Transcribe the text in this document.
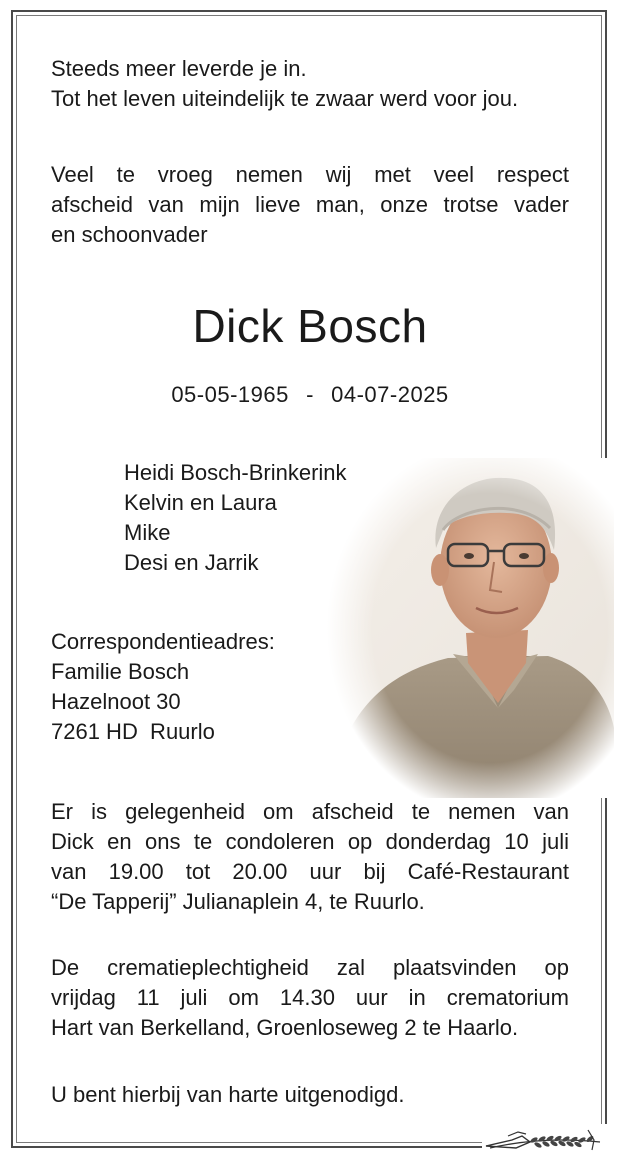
Steeds meer leverde je in.
Tot het leven uiteindelijk te zwaar werd voor jou.
Veel te vroeg nemen wij met veel respect
afscheid van mijn lieve man, onze trotse vader
en schoonvader
Dick Bosch
05-05-1965  -  04-07-2025
Heidi Bosch-Brinkerink
Kelvin en Laura
Mike
Desi en Jarrik
Correspondentieadres:
Familie Bosch
Hazelnoot 30
7261 HD  Ruurlo
Er is gelegenheid om afscheid te nemen van
Dick en ons te condoleren op donderdag 10 juli
van 19.00 tot 20.00 uur bij Café-Restaurant
“De Tapperij” Julianaplein 4, te Ruurlo.
De crematieplechtigheid zal plaatsvinden op
vrijdag 11 juli om 14.30 uur in crematorium
Hart van Berkelland, Groenloseweg 2 te Haarlo.
U bent hierbij van harte uitgenodigd.
